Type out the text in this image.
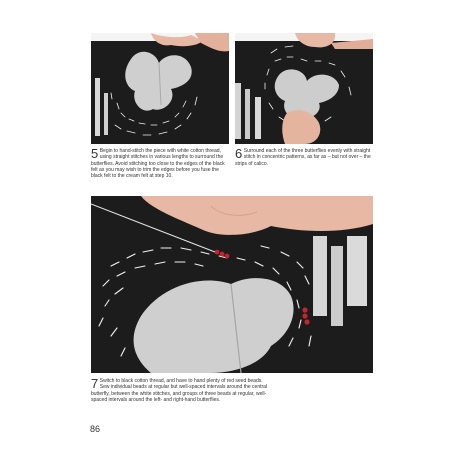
5 Begin to hand-stitch the piece with white cotton thread, using straight stitches in various lengths to surround the butterflies. Avoid stitching too close to the edges of the black felt as you may wish to trim the edges before you fuse the black felt to the cream felt at step 10.
6 Surround each of the three butterflies evenly with straight stitch in concentric patterns, as far as – but not over – the strips of calico.
7 Switch to black cotton thread, and have to hand plenty of red seed beads. Sew individual beads at regular but well-spaced intervals around the central butterfly, between the white stitches, and groups of three beads at regular, well-spaced intervals around the left- and right-hand butterflies.
86
